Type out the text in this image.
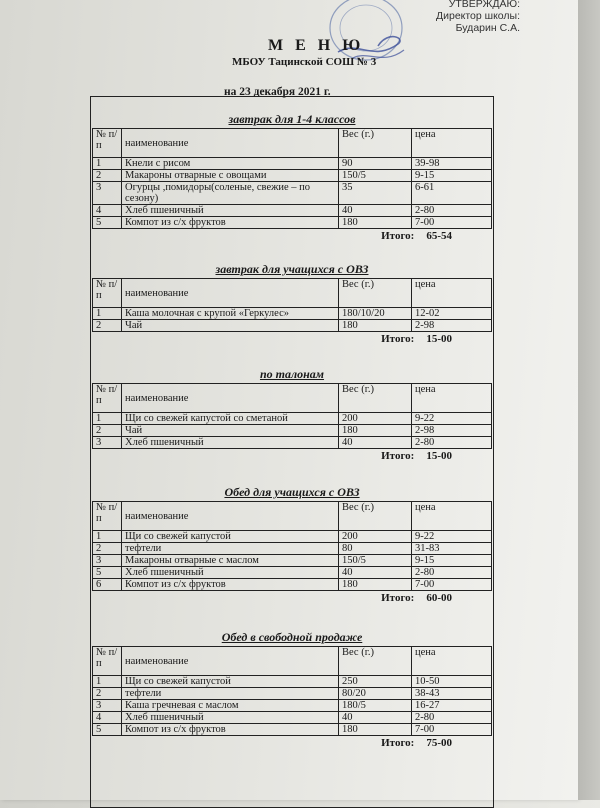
УТВЕРЖДАЮ:
Директор школы:
Бударин С.А.
М Е Н Ю
МБОУ Тацинской СОШ № 3
на 23 декабря 2021 г.
завтрак для 1-4 классов
№ п/п	наименование	Вес (г.)	цена
1	Кнели с рисом	90	39-98
2	Макароны отварные с овощами	150/5	9-15
3	Огурцы ,помидоры(соленые, свежие – по сезону)	35	6-61
4	Хлеб пшеничный	40	2-80
5	Компот из с/х фруктов	180	7-00
Итого: 65-54
завтрак для учащихся с ОВЗ
№ п/п	наименование	Вес (г.)	цена
1	Каша молочная с крупой «Геркулес»	180/10/20	12-02
2	Чай	180	2-98
Итого: 15-00
по талонам
№ п/п	наименование	Вес (г.)	цена
1	Щи со свежей капустой со сметаной	200	9-22
2	Чай	180	2-98
3	Хлеб пшеничный	40	2-80
Итого: 15-00
Обед для учащихся с ОВЗ
№ п/п	наименование	Вес (г.)	цена
1	Щи со свежей капустой	200	9-22
2	тефтели	80	31-83
3	Макароны отварные с маслом	150/5	9-15
5	Хлеб пшеничный	40	2-80
6	Компот из с/х фруктов	180	7-00
Итого: 60-00
Обед в свободной продаже
№ п/п	наименование	Вес (г.)	цена
1	Щи со свежей капустой	250	10-50
2	тефтели	80/20	38-43
3	Каша гречневая с маслом	180/5	16-27
4	Хлеб пшеничный	40	2-80
5	Компот из с/х фруктов	180	7-00
Итого: 75-00
